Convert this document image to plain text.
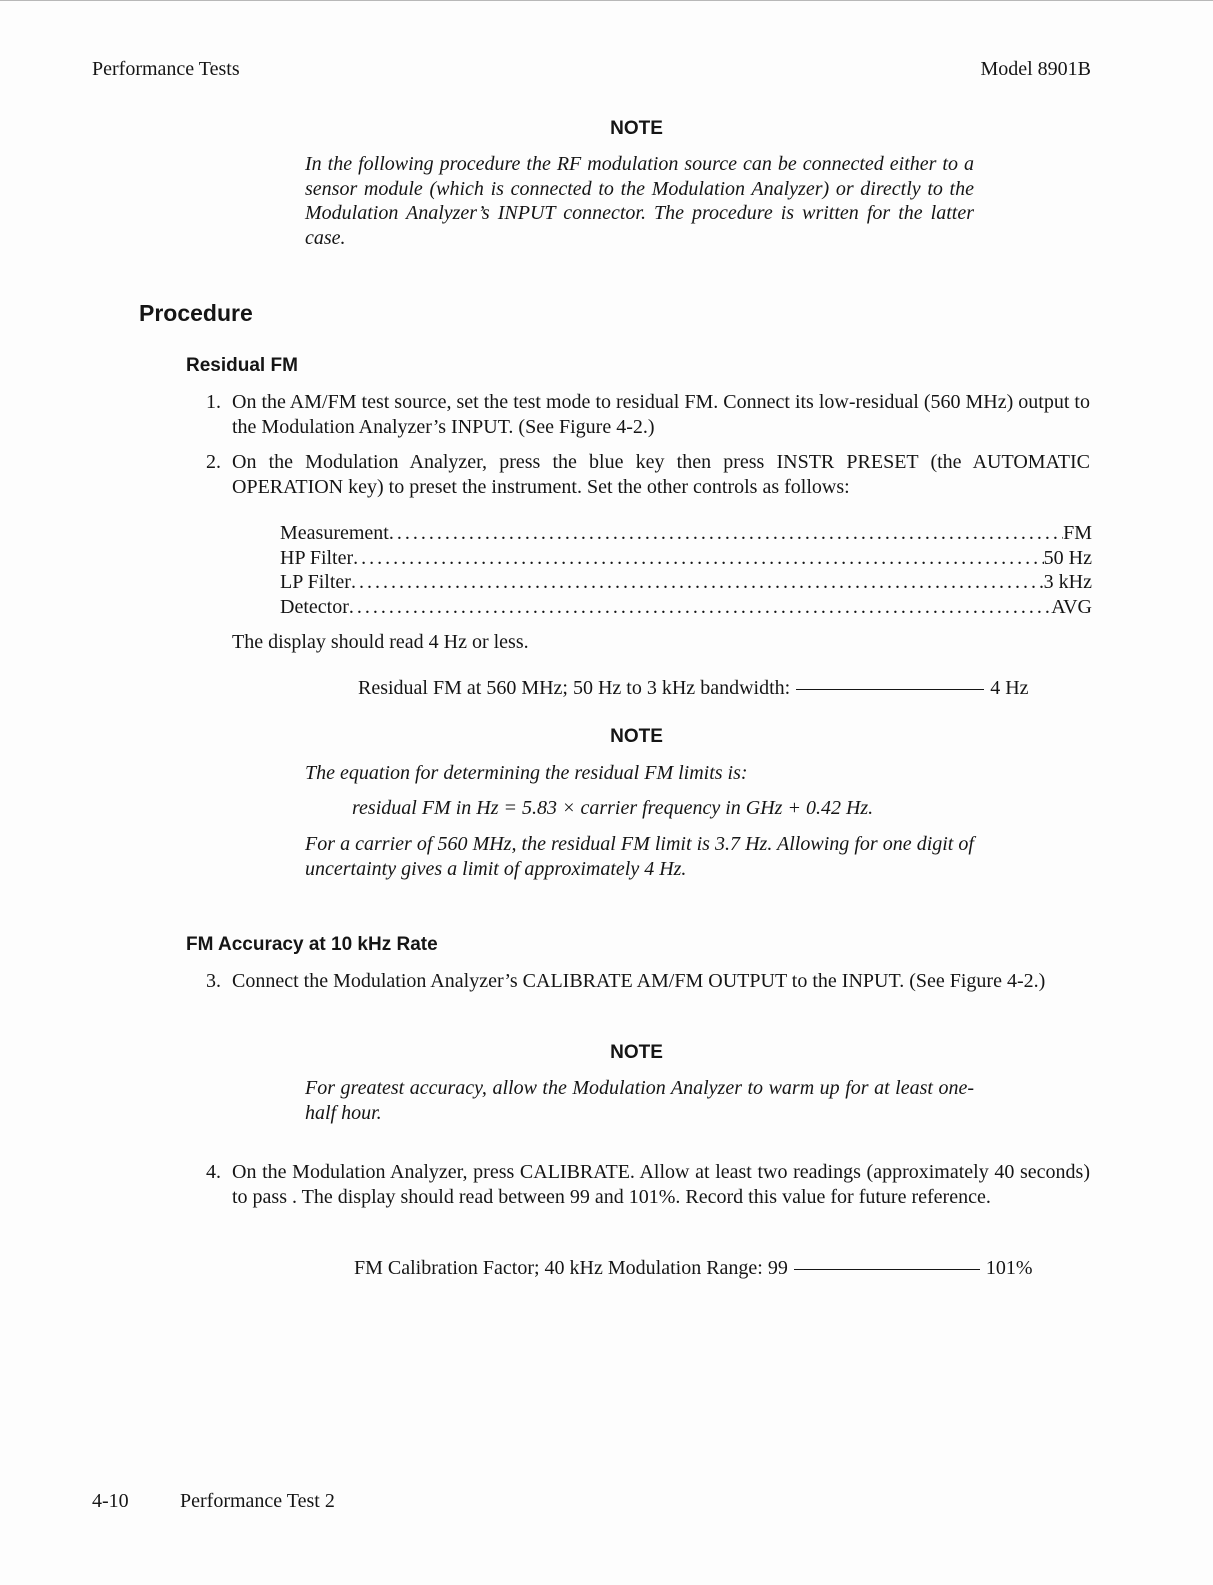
Performance Tests	Model 8901B
NOTE
In the following procedure the RF modulation source can be connected either to a sensor module (which is connected to the Modulation Analyzer) or directly to the Modulation Analyzer’s INPUT connector. The procedure is written for the latter case.
Procedure
Residual FM
1. On the AM/FM test source, set the test mode to residual FM. Connect its low-residual (560 MHz) output to the Modulation Analyzer’s INPUT. (See Figure 4-2.)
2. On the Modulation Analyzer, press the blue key then press INSTR PRESET (the AUTOMATIC OPERATION key) to preset the instrument. Set the other controls as follows:
Measurement . . .	FM
HP Filter . . .	50 Hz
LP Filter . . .	3 kHz
Detector . . .	AVG
The display should read 4 Hz or less.
Residual FM at 560 MHz; 50 Hz to 3 kHz bandwidth:	4 Hz
NOTE
The equation for determining the residual FM limits is:
residual FM in Hz = 5.83 × carrier frequency in GHz + 0.42 Hz.
For a carrier of 560 MHz, the residual FM limit is 3.7 Hz. Allowing for one digit of uncertainty gives a limit of approximately 4 Hz.
FM Accuracy at 10 kHz Rate
3. Connect the Modulation Analyzer’s CALIBRATE AM/FM OUTPUT to the INPUT. (See Figure 4-2.)
NOTE
For greatest accuracy, allow the Modulation Analyzer to warm up for at least one-half hour.
4. On the Modulation Analyzer, press CALIBRATE. Allow at least two readings (approximately 40 seconds) to pass . The display should read between 99 and 101%. Record this value for future reference.
FM Calibration Factor; 40 kHz Modulation Range: 99	101%
4-10	Performance Test 2
